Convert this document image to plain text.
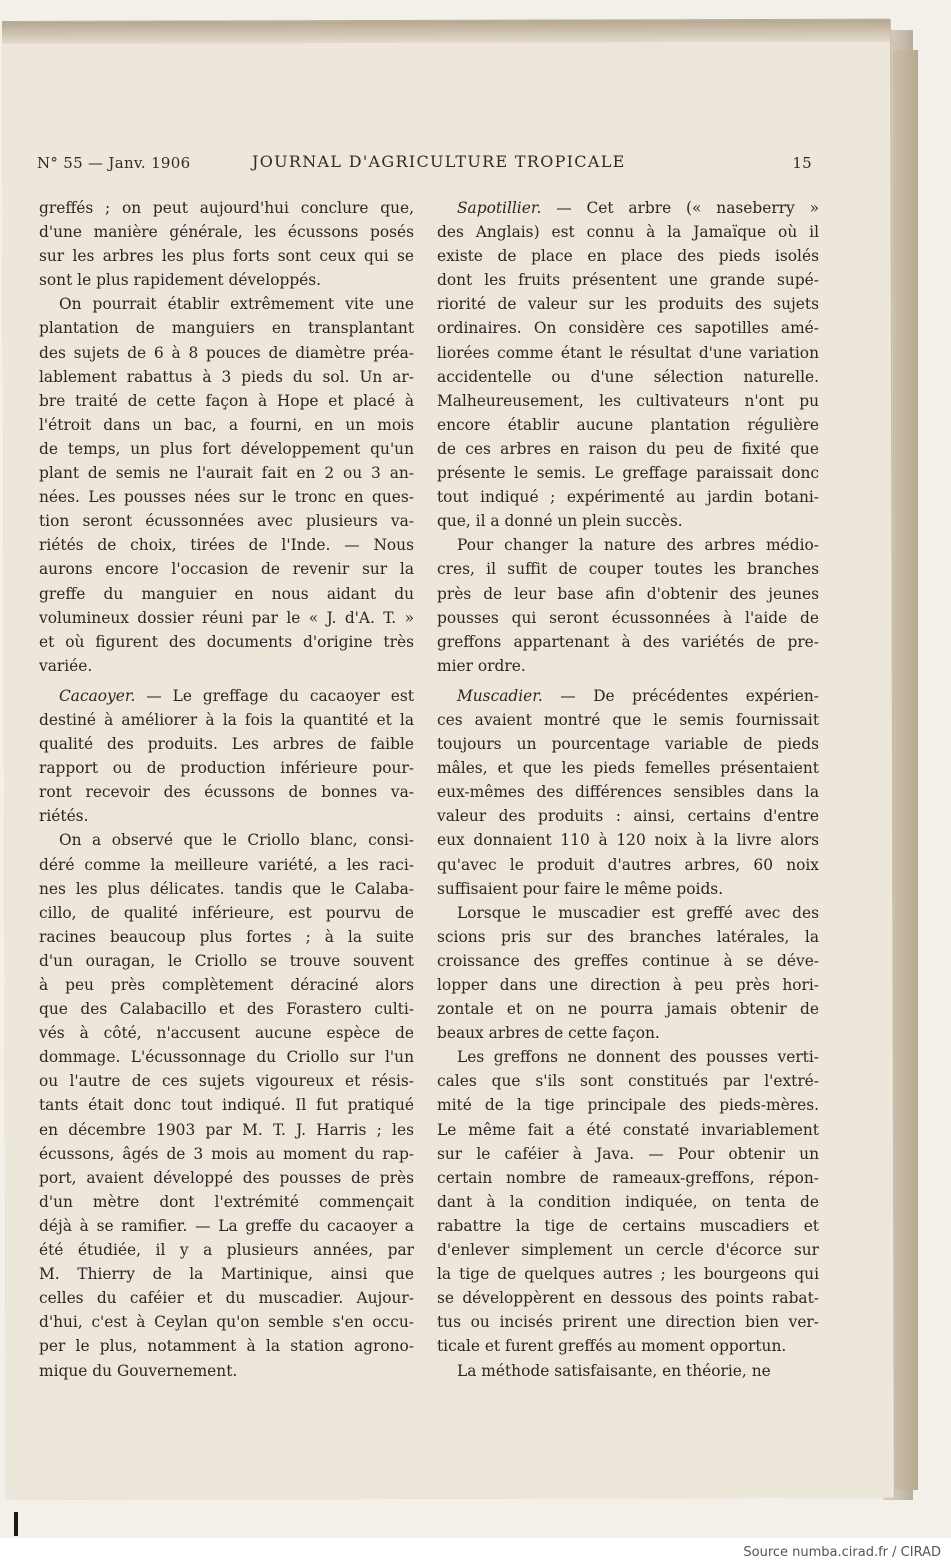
N° 55 — Janv. 1906	JOURNAL D'AGRICULTURE TROPICALE	15
greffés ; on peut aujourd'hui conclure que,
d'une manière générale, les écussons posés
sur les arbres les plus forts sont ceux qui se
sont le plus rapidement développés.
On pourrait établir extrêmement vite une
plantation de manguiers en transplantant
des sujets de 6 à 8 pouces de diamètre préa-
lablement rabattus à 3 pieds du sol. Un ar-
bre traité de cette façon à Hope et placé à
l'étroit dans un bac, a fourni, en un mois
de temps, un plus fort développement qu'un
plant de semis ne l'aurait fait en 2 ou 3 an-
nées. Les pousses nées sur le tronc en ques-
tion seront écussonnées avec plusieurs va-
riétés de choix, tirées de l'Inde. — Nous
aurons encore l'occasion de revenir sur la
greffe du manguier en nous aidant du
volumineux dossier réuni par le « J. d'A. T. »
et où figurent des documents d'origine très
variée.
Cacaoyer. — Le greffage du cacaoyer est
destiné à améliorer à la fois la quantité et la
qualité des produits. Les arbres de faible
rapport ou de production inférieure pour-
ront recevoir des écussons de bonnes va-
riétés.
On a observé que le Criollo blanc, consi-
déré comme la meilleure variété, a les raci-
nes les plus délicates. tandis que le Calaba-
cillo, de qualité inférieure, est pourvu de
racines beaucoup plus fortes ; à la suite
d'un ouragan, le Criollo se trouve souvent
à peu près complètement déraciné alors
que des Calabacillo et des Forastero culti-
vés à côté, n'accusent aucune espèce de
dommage. L'écussonnage du Criollo sur l'un
ou l'autre de ces sujets vigoureux et résis-
tants était donc tout indiqué. Il fut pratiqué
en décembre 1903 par M. T. J. Harris ; les
écussons, âgés de 3 mois au moment du rap-
port, avaient développé des pousses de près
d'un mètre dont l'extrémité commençait
déjà à se ramifier. — La greffe du cacaoyer a
été étudiée, il y a plusieurs années, par
M. Thierry de la Martinique, ainsi que
celles du caféier et du muscadier. Aujour-
d'hui, c'est à Ceylan qu'on semble s'en occu-
per le plus, notamment à la station agrono-
mique du Gouvernement.
Sapotillier. — Cet arbre (« naseberry »
des Anglais) est connu à la Jamaïque où il
existe de place en place des pieds isolés
dont les fruits présentent une grande supé-
riorité de valeur sur les produits des sujets
ordinaires. On considère ces sapotilles amé-
liorées comme étant le résultat d'une variation
accidentelle ou d'une sélection naturelle.
Malheureusement, les cultivateurs n'ont pu
encore établir aucune plantation régulière
de ces arbres en raison du peu de fixité que
présente le semis. Le greffage paraissait donc
tout indiqué ; expérimenté au jardin botani-
que, il a donné un plein succès.
Pour changer la nature des arbres médio-
cres, il suffit de couper toutes les branches
près de leur base afin d'obtenir des jeunes
pousses qui seront écussonnées à l'aide de
greffons appartenant à des variétés de pre-
mier ordre.
Muscadier. — De précédentes expérien-
ces avaient montré que le semis fournissait
toujours un pourcentage variable de pieds
mâles, et que les pieds femelles présentaient
eux-mêmes des différences sensibles dans la
valeur des produits : ainsi, certains d'entre
eux donnaient 110 à 120 noix à la livre alors
qu'avec le produit d'autres arbres, 60 noix
suffisaient pour faire le même poids.
Lorsque le muscadier est greffé avec des
scions pris sur des branches latérales, la
croissance des greffes continue à se déve-
lopper dans une direction à peu près hori-
zontale et on ne pourra jamais obtenir de
beaux arbres de cette façon.
Les greffons ne donnent des pousses verti-
cales que s'ils sont constitués par l'extré-
mité de la tige principale des pieds-mères.
Le même fait a été constaté invariablement
sur le caféier à Java. — Pour obtenir un
certain nombre de rameaux-greffons, répon-
dant à la condition indiquée, on tenta de
rabattre la tige de certains muscadiers et
d'enlever simplement un cercle d'écorce sur
la tige de quelques autres ; les bourgeons qui
se développèrent en dessous des points rabat-
tus ou incisés prirent une direction bien ver-
ticale et furent greffés au moment opportun.
La méthode satisfaisante, en théorie, ne
Source numba.cirad.fr / CIRAD
